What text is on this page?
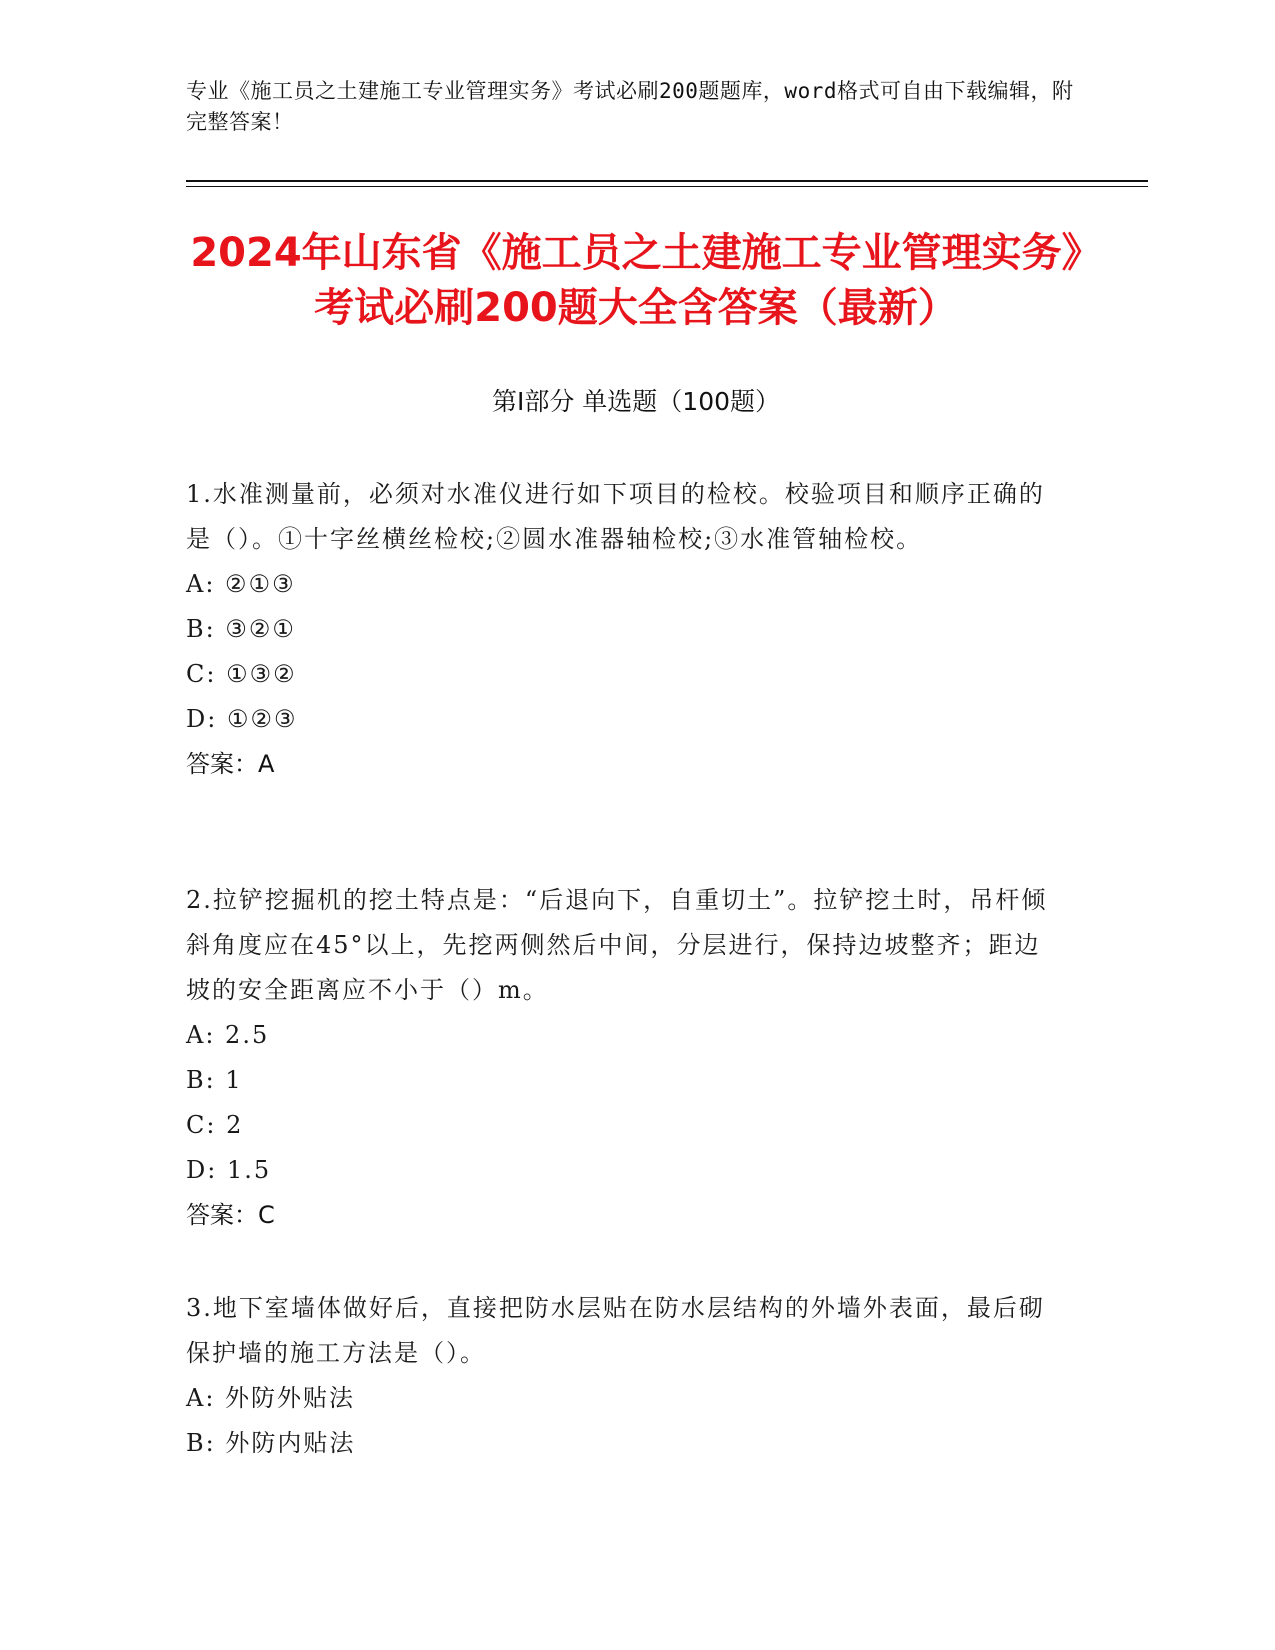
专业《施工员之土建施工专业管理实务》考试必刷200题题库，word格式可自由下载编辑，附完整答案！
2024年山东省《施工员之土建施工专业管理实务》考试必刷200题大全含答案（最新）
第Ⅰ部分 单选题（100题）
1.水准测量前，必须对水准仪进行如下项目的检校。校验项目和顺序正确的是（）。①十字丝横丝检校;②圆水准器轴检校;③水准管轴检校。
A: ②①③
B: ③②①
C: ①③②
D: ①②③
答案：A
2.拉铲挖掘机的挖土特点是：“后退向下，自重切土”。拉铲挖土时，吊杆倾斜角度应在45°以上，先挖两侧然后中间，分层进行，保持边坡整齐；距边坡的安全距离应不小于（）m。
A: 2.5
B: 1
C: 2
D: 1.5
答案：C
3.地下室墙体做好后，直接把防水层贴在防水层结构的外墙外表面，最后砌保护墙的施工方法是（）。
A: 外防外贴法
B: 外防内贴法
